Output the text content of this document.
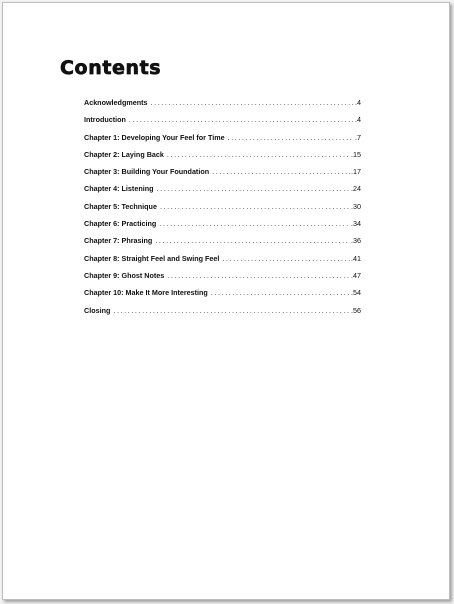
Contents
Acknowledgments . . .	.4
Introduction . . .	.4
Chapter 1: Developing Your Feel for Time . . .	.7
Chapter 2: Laying Back . . .	.15
Chapter 3: Building Your Foundation . . .	.17
Chapter 4: Listening . . .	.24
Chapter 5: Technique . . .	.30
Chapter 6: Practicing . . .	.34
Chapter 7: Phrasing . . .	.36
Chapter 8: Straight Feel and Swing Feel . . .	.41
Chapter 9: Ghost Notes . . .	.47
Chapter 10: Make It More Interesting . . .	.54
Closing . . .	.56
